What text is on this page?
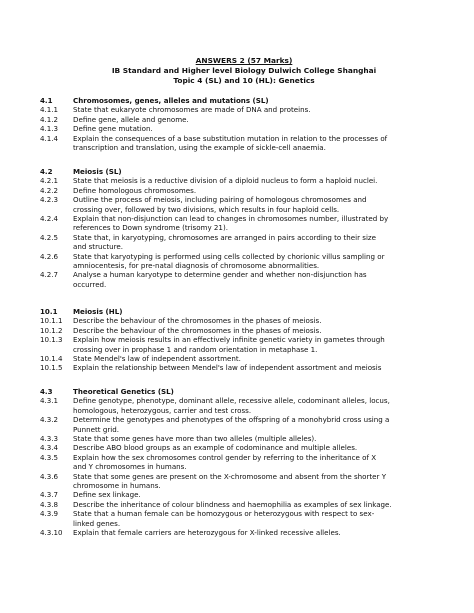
ANSWERS 2 (57 Marks)
IB Standard and Higher level Biology Dulwich College Shanghai
Topic 4 (SL) and 10 (HL): Genetics
4.1	Chromosomes, genes, alleles and mutations (SL)
4.1.1	State that eukaryote chromosomes are made of DNA and proteins.
4.1.2	Define gene, allele and genome.
4.1.3	Define gene mutation.
4.1.4	Explain the consequences of a base substitution mutation in relation to the processes of
transcription and translation, using the example of sickle-cell anaemia.
4.2	Meiosis (SL)
4.2.1	State that meiosis is a reductive division of a diploid nucleus to form a haploid nuclei.
4.2.2	Define homologous chromosomes.
4.2.3	Outline the process of meiosis, including pairing of homologous chromosomes and
crossing over, followed by two divisions, which results in four haploid cells.
4.2.4	Explain that non-disjunction can lead to changes in chromosomes number, illustrated by
references to Down syndrome (trisomy 21).
4.2.5	State that, in karyotyping, chromosomes are arranged in pairs according to their size
and structure.
4.2.6	State that karyotyping is performed using cells collected by chorionic villus sampling or
amniocentesis, for pre-natal diagnosis of chromosome abnormalities.
4.2.7	Analyse a human karyotype to determine gender and whether non-disjunction has
occurred.
10.1	Meiosis (HL)
10.1.1	Describe the behaviour of the chromosomes in the phases of meiosis.
10.1.2	Describe the behaviour of the chromosomes in the phases of meiosis.
10.1.3	Explain how meiosis results in an effectively infinite genetic variety in gametes through
crossing over in prophase 1 and random orientation in metaphase 1.
10.1.4	State Mendel's law of independent assortment.
10.1.5	Explain the relationship between Mendel's law of independent assortment and meiosis
4.3	Theoretical Genetics (SL)
4.3.1	Define genotype, phenotype, dominant allele, recessive allele, codominant alleles, locus,
homologous, heterozygous, carrier and test cross.
4.3.2	Determine the genotypes and phenotypes of the offspring of a monohybrid cross using a
Punnett grid.
4.3.3	State that some genes have more than two alleles (multiple alleles).
4.3.4	Describe ABO blood groups as an example of codominance and multiple alleles.
4.3.5	Explain how the sex chromosomes control gender by referring to the inheritance of X
and Y chromosomes in humans.
4.3.6	State that some genes are present on the X-chromosome and absent from the shorter Y
chromosome in humans.
4.3.7	Define sex linkage.
4.3.8	Describe the inheritance of colour blindness and haemophilia as examples of sex linkage.
4.3.9	State that a human female can be homozygous or heterozygous with respect to sex-
linked genes.
4.3.10	Explain that female carriers are heterozygous for X-linked recessive alleles.
